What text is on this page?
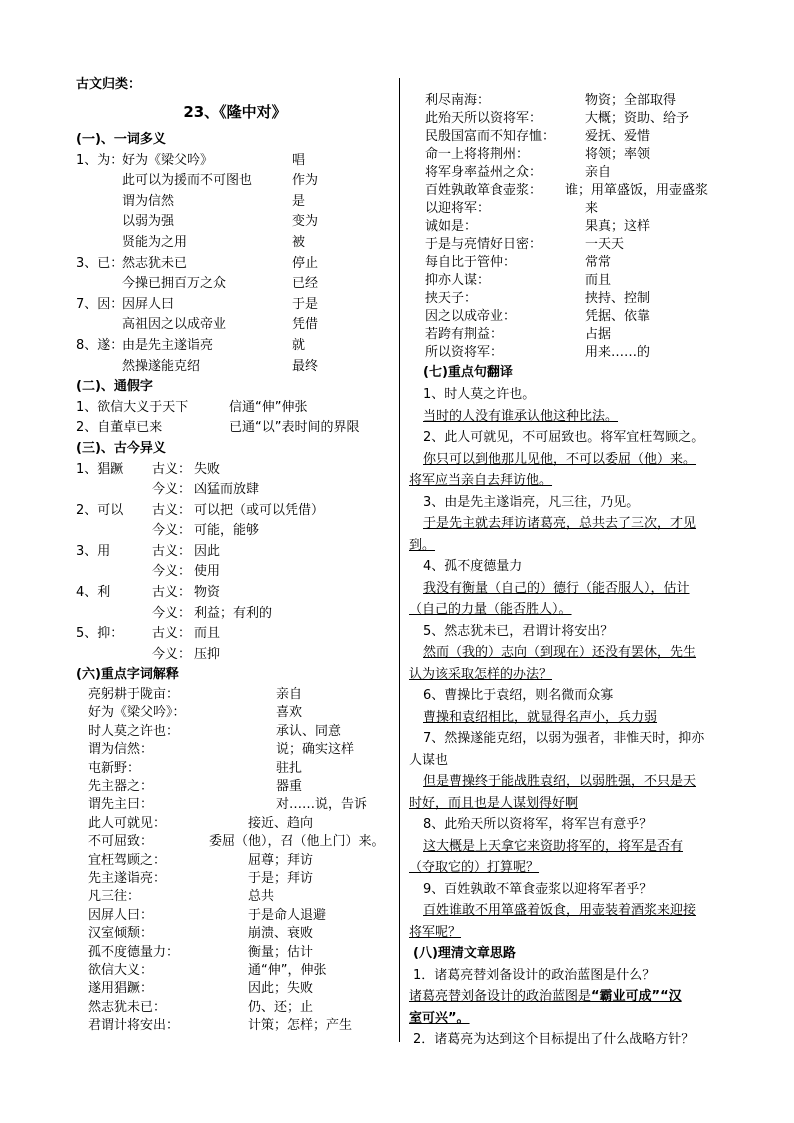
古文归类：
23、《隆中对》
(一)、一词多义
1、为：
好为《梁父吟》	唱
此可以为援而不可图也	作为
谓为信然	是
以弱为强	变为
贤能为之用	被
3、已：
然志犹未已	停止
今操已拥百万之众	已经
7、因：
因屏人曰	于是
高祖因之以成帝业	凭借
8、遂：
由是先主遂诣亮	就
然操遂能克绍	最终
(二)、通假字
1、欲信大义于天下	信通“伸”伸张
2、自董卓已来	已通“以”表时间的界限
(三)、古今异义
1、猖蹶 古义： 失败
今义： 凶猛而放肆
2、可以 古义： 可以把（或可以凭借）
今义： 可能，能够
3、用	古义： 因此
今义： 使用
4、利	古义： 物资
今义： 利益；有利的
5、抑： 古义： 而且
今义： 压抑
(六)重点字词解释
亮躬耕于陇亩：	亲自
好为《梁父吟》：	喜欢
时人莫之许也：	承认、同意
谓为信然：	说；确实这样
屯新野：	驻扎
先主器之：	器重
谓先主曰：	对……说，告诉
此人可就见：	接近、趋向
不可屈致：	委屈（他），召（他上门）来。
宜枉驾顾之：	屈尊；拜访
先主遂诣亮：	于是；拜访
凡三往：	总共
因屏人曰：	于是命人退避
汉室倾颓：	崩溃、衰败
孤不度德量力：	衡量；估计
欲信大义：	通“伸”，伸张
遂用猖蹶：	因此；失败
然志犹未已：	仍、还；止
君谓计将安出：	计策；怎样；产生
利尽南海：	物资；全部取得
此殆天所以资将军：	大概；资助、给予
民殷国富而不知存恤： 爱抚、爱惜
命一上将将荆州：	将领；率领
将军身率益州之众：	亲自
百姓孰敢箪食壶浆： 谁；用箪盛饭，用壶盛浆
以迎将军：	来
诚如是：	果真；这样
于是与亮情好日密：	一天天
每自比于管仲：	常常
抑亦人谋：	而且
挟天子：	挟持、控制
因之以成帝业：	凭据、依靠
若跨有荆益：	占据
所以资将军：	用来……的
(七)重点句翻译
1、时人莫之许也。
当时的人没有谁承认他这种比法。
2、此人可就见，不可屈致也。将军宜枉驾顾之。
你只可以到他那儿见他，不可以委屈（他）来。
将军应当亲自去拜访他。
3、由是先主遂诣亮，凡三往，乃见。
于是先主就去拜访诸葛亮，总共去了三次，才见
到。
4、孤不度德量力
我没有衡量（自己的）德行（能否服人），估计
（自己的力量（能否胜人）。
5、然志犹未已，君谓计将安出？
然而（我的）志向（到现在）还没有罢休，先生
认为该采取怎样的办法？
6、曹操比于袁绍，则名微而众寡
曹操和袁绍相比，就显得名声小，兵力弱
7、然操遂能克绍，以弱为强者，非惟天时，抑亦
人谋也
但是曹操终于能战胜袁绍，以弱胜强，不只是天
时好，而且也是人谋划得好啊
8、此殆天所以资将军，将军岂有意乎？
这大概是上天拿它来资助将军的，将军是否有
（夺取它的）打算呢？
9、百姓孰敢不箪食壶浆以迎将军者乎？
百姓谁敢不用箪盛着饭食，用壶装着酒浆来迎接
将军呢？
(八)理清文章思路
1．诸葛亮替刘备设计的政治蓝图是什么？
诸葛亮替刘备设计的政治蓝图是“霸业可成”“汉
室可兴”。
2．诸葛亮为达到这个目标提出了什么战略方针？
